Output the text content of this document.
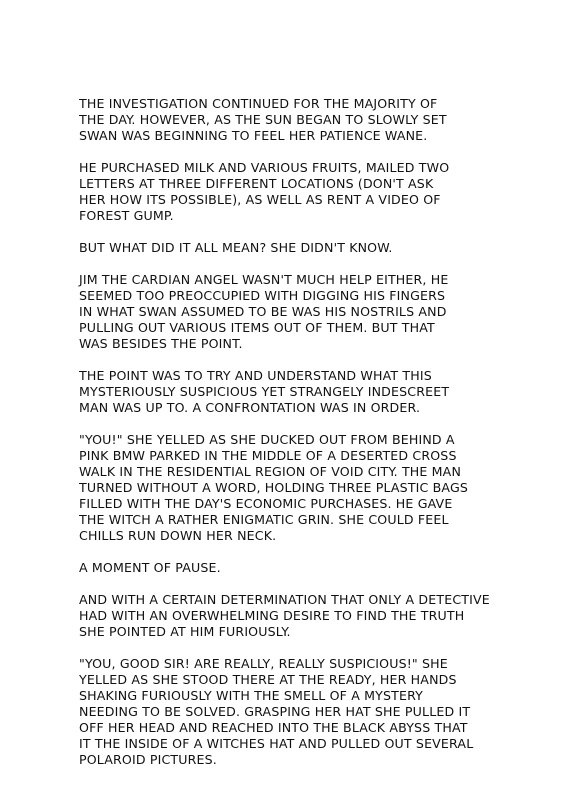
THE INVESTIGATION CONTINUED FOR THE MAJORITY OF
THE DAY. HOWEVER, AS THE SUN BEGAN TO SLOWLY SET
SWAN WAS BEGINNING TO FEEL HER PATIENCE WANE.

HE PURCHASED MILK AND VARIOUS FRUITS, MAILED TWO
LETTERS AT THREE DIFFERENT LOCATIONS (DON'T ASK
HER HOW ITS POSSIBLE), AS WELL AS RENT A VIDEO OF
FOREST GUMP.

BUT WHAT DID IT ALL MEAN? SHE DIDN'T KNOW.

JIM THE CARDIAN ANGEL WASN'T MUCH HELP EITHER, HE
SEEMED TOO PREOCCUPIED WITH DIGGING HIS FINGERS
IN WHAT SWAN ASSUMED TO BE WAS HIS NOSTRILS AND
PULLING OUT VARIOUS ITEMS OUT OF THEM. BUT THAT
WAS BESIDES THE POINT.

THE POINT WAS TO TRY AND UNDERSTAND WHAT THIS
MYSTERIOUSLY SUSPICIOUS YET STRANGELY INDESCREET
MAN WAS UP TO. A CONFRONTATION WAS IN ORDER.

"YOU!" SHE YELLED AS SHE DUCKED OUT FROM BEHIND A
PINK BMW PARKED IN THE MIDDLE OF A DESERTED CROSS
WALK IN THE RESIDENTIAL REGION OF VOID CITY. THE MAN
TURNED WITHOUT A WORD, HOLDING THREE PLASTIC BAGS
FILLED WITH THE DAY'S ECONOMIC PURCHASES. HE GAVE
THE WITCH A RATHER ENIGMATIC GRIN. SHE COULD FEEL
CHILLS RUN DOWN HER NECK.

A MOMENT OF PAUSE.

AND WITH A CERTAIN DETERMINATION THAT ONLY A DETECTIVE
HAD WITH AN OVERWHELMING DESIRE TO FIND THE TRUTH
SHE POINTED AT HIM FURIOUSLY.

"YOU, GOOD SIR! ARE REALLY, REALLY SUSPICIOUS!" SHE
YELLED AS SHE STOOD THERE AT THE READY, HER HANDS
SHAKING FURIOUSLY WITH THE SMELL OF A MYSTERY
NEEDING TO BE SOLVED. GRASPING HER HAT SHE PULLED IT
OFF HER HEAD AND REACHED INTO THE BLACK ABYSS THAT
IT THE INSIDE OF A WITCHES HAT AND PULLED OUT SEVERAL
POLAROID PICTURES.
